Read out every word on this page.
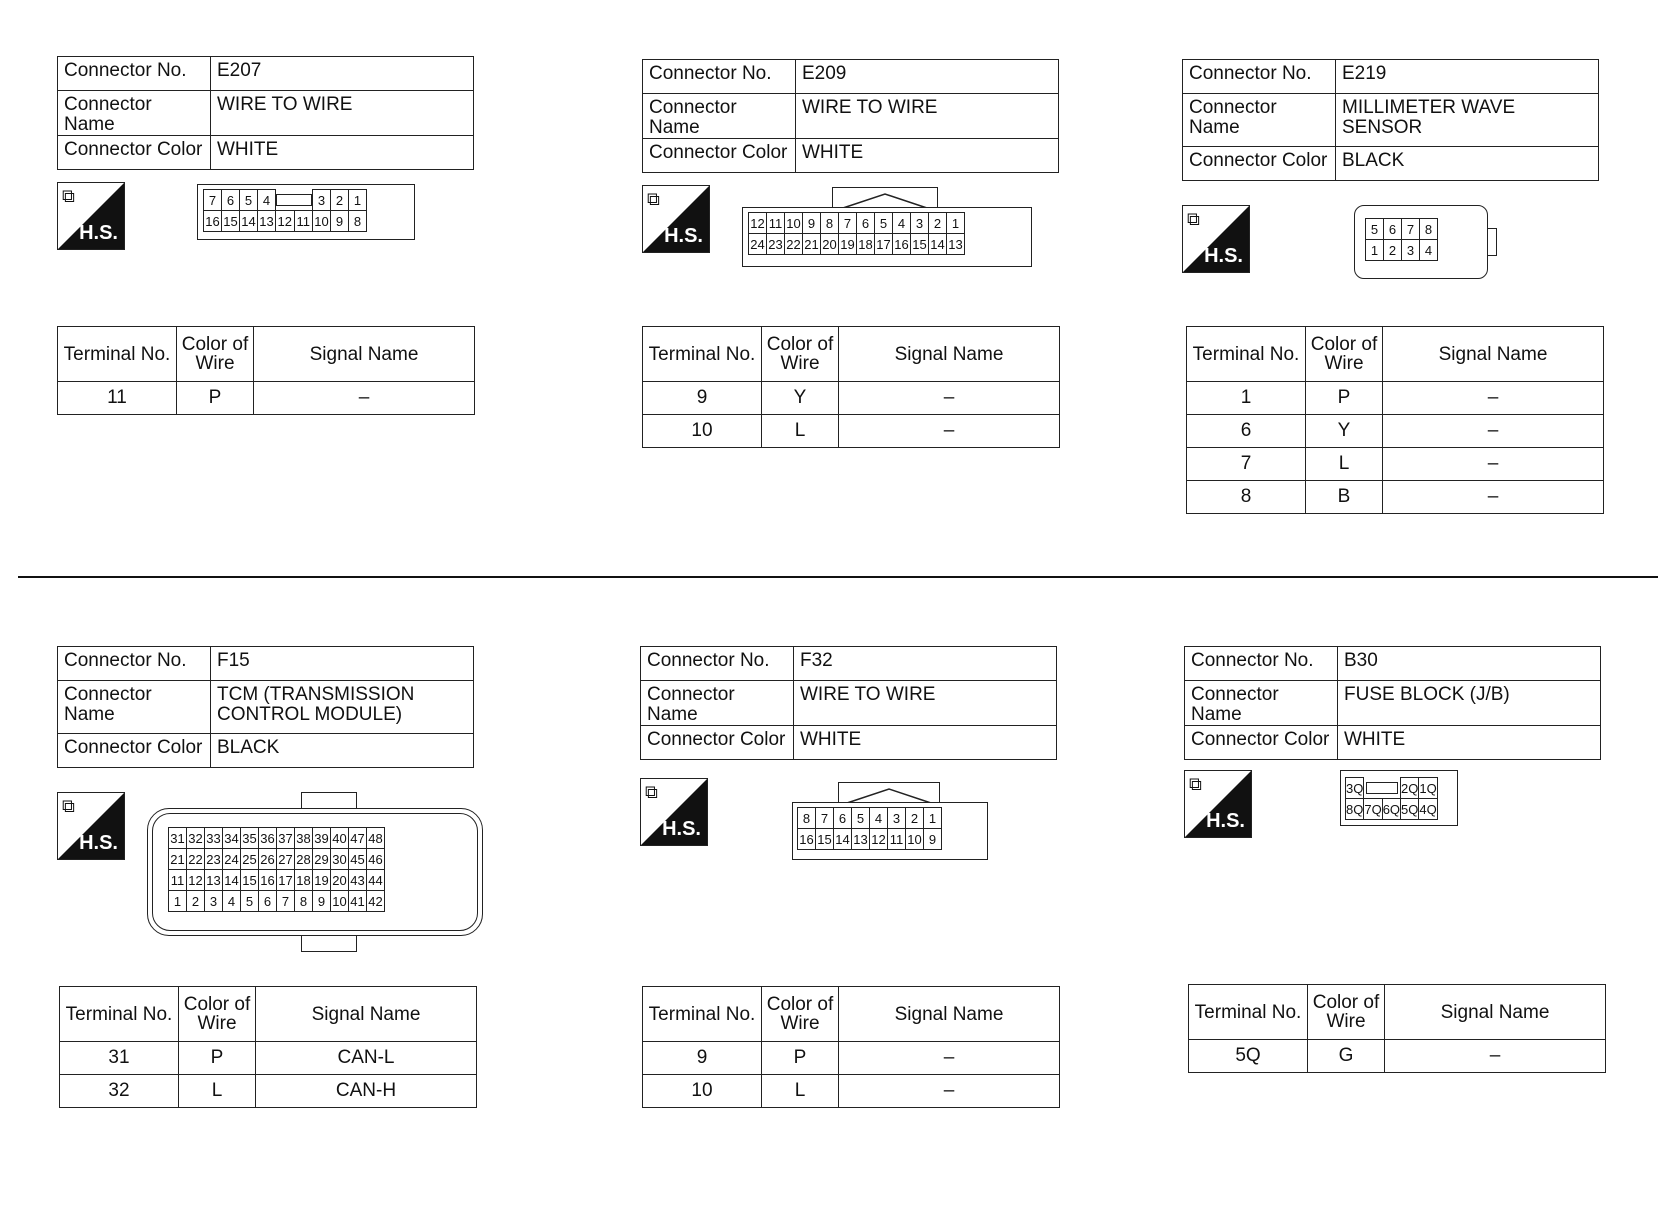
Connector No.	E207
Connector Name	WIRE TO WIRE
Connector Color	WHITE
⧉
H.S.
7	6	5	4			3	2	1
16	15	14	13	12	11	10	9	8
Terminal No.	Color of Wire	Signal Name
11	P	–
Connector No.	E209
Connector Name	WIRE TO WIRE
Connector Color	WHITE
⧉
H.S.
12	11	10	9	8	7	6	5	4	3	2	1
24	23	22	21	20	19	18	17	16	15	14	13
Terminal No.	Color of Wire	Signal Name
9	Y	–
10	L	–
Connector No.	E219
Connector Name	MILLIMETER WAVE SENSOR
Connector Color	BLACK
⧉
H.S.
5	6	7	8
1	2	3	4
Terminal No.	Color of Wire	Signal Name
1	P	–
6	Y	–
7	L	–
8	B	–
Connector No.	F15
Connector Name	TCM (TRANSMISSION CONTROL MODULE)
Connector Color	BLACK
⧉
H.S.	31	32	33	34	35	36	37	38	39	40	47	48
21	22	23	24	25	26	27	28	29	30	45	46
11	12	13	14	15	16	17	18	19	20	43	44
1	2	3	4	5	6	7	8	9	10	41	42
Terminal No.	Color of Wire	Signal Name
31	P	CAN-L
32	L	CAN-H
Connector No.	F32
Connector Name	WIRE TO WIRE
Connector Color	WHITE
⧉
H.S.	8	7	6	5	4	3	2	1
16	15	14	13	12	11	10	9
Terminal No.	Color of Wire	Signal Name
9	P	–
10	L	–
Connector No.	B30
Connector Name	FUSE BLOCK (J/B)
Connector Color	WHITE
⧉
H.S.
3Q			2Q	1Q
8Q	7Q	6Q	5Q	4Q
Terminal No.	Color of Wire	Signal Name
5Q	G	–
